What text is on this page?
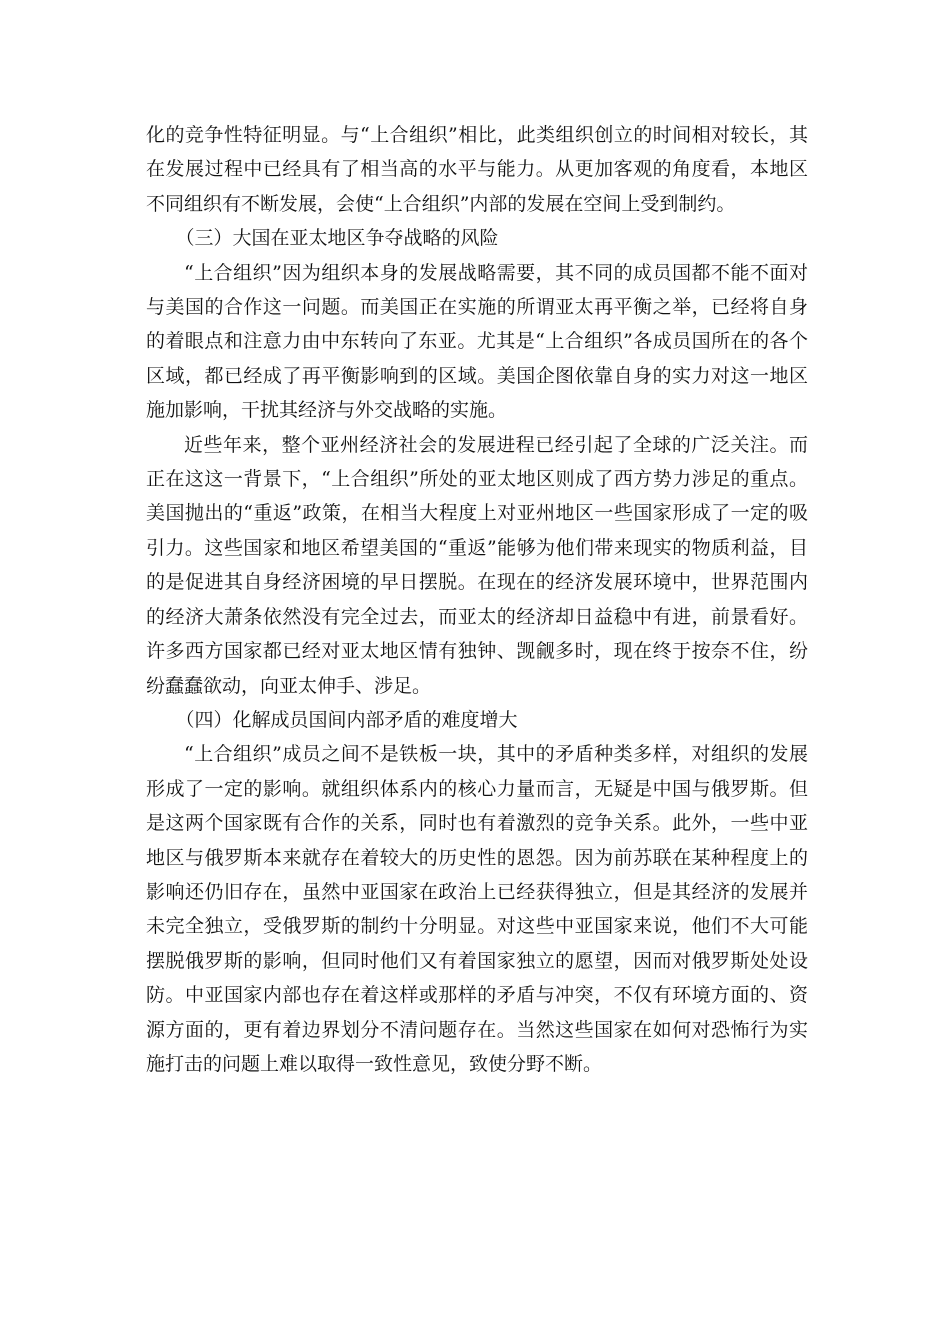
化的竞争性特征明显。与“上合组织”相比，此类组织创立的时间相对较长，其在发展过程中已经具有了相当高的水平与能力。从更加客观的角度看，本地区不同组织有不断发展，会使“上合组织”内部的发展在空间上受到制约。

（三）大国在亚太地区争夺战略的风险

“上合组织”因为组织本身的发展战略需要，其不同的成员国都不能不面对与美国的合作这一问题。而美国正在实施的所谓亚太再平衡之举，已经将自身的着眼点和注意力由中东转向了东亚。尤其是“上合组织”各成员国所在的各个区域，都已经成了再平衡影响到的区域。美国企图依靠自身的实力对这一地区施加影响，干扰其经济与外交战略的实施。

近些年来，整个亚州经济社会的发展进程已经引起了全球的广泛关注。而正在这这一背景下，“上合组织”所处的亚太地区则成了西方势力涉足的重点。美国抛出的“重返”政策，在相当大程度上对亚州地区一些国家形成了一定的吸引力。这些国家和地区希望美国的“重返”能够为他们带来现实的物质利益，目的是促进其自身经济困境的早日摆脱。在现在的经济发展环境中，世界范围内的经济大萧条依然没有完全过去，而亚太的经济却日益稳中有进，前景看好。许多西方国家都已经对亚太地区情有独钟、觊觎多时，现在终于按奈不住，纷纷蠢蠢欲动，向亚太伸手、涉足。

（四）化解成员国间内部矛盾的难度增大

“上合组织”成员之间不是铁板一块，其中的矛盾种类多样，对组织的发展形成了一定的影响。就组织体系内的核心力量而言，无疑是中国与俄罗斯。但是这两个国家既有合作的关系，同时也有着激烈的竞争关系。此外，一些中亚地区与俄罗斯本来就存在着较大的历史性的恩怨。因为前苏联在某种程度上的影响还仍旧存在，虽然中亚国家在政治上已经获得独立，但是其经济的发展并未完全独立，受俄罗斯的制约十分明显。对这些中亚国家来说，他们不大可能摆脱俄罗斯的影响，但同时他们又有着国家独立的愿望，因而对俄罗斯处处设防。中亚国家内部也存在着这样或那样的矛盾与冲突，不仅有环境方面的、资源方面的，更有着边界划分不清问题存在。当然这些国家在如何对恐怖行为实施打击的问题上难以取得一致性意见，致使分野不断。
